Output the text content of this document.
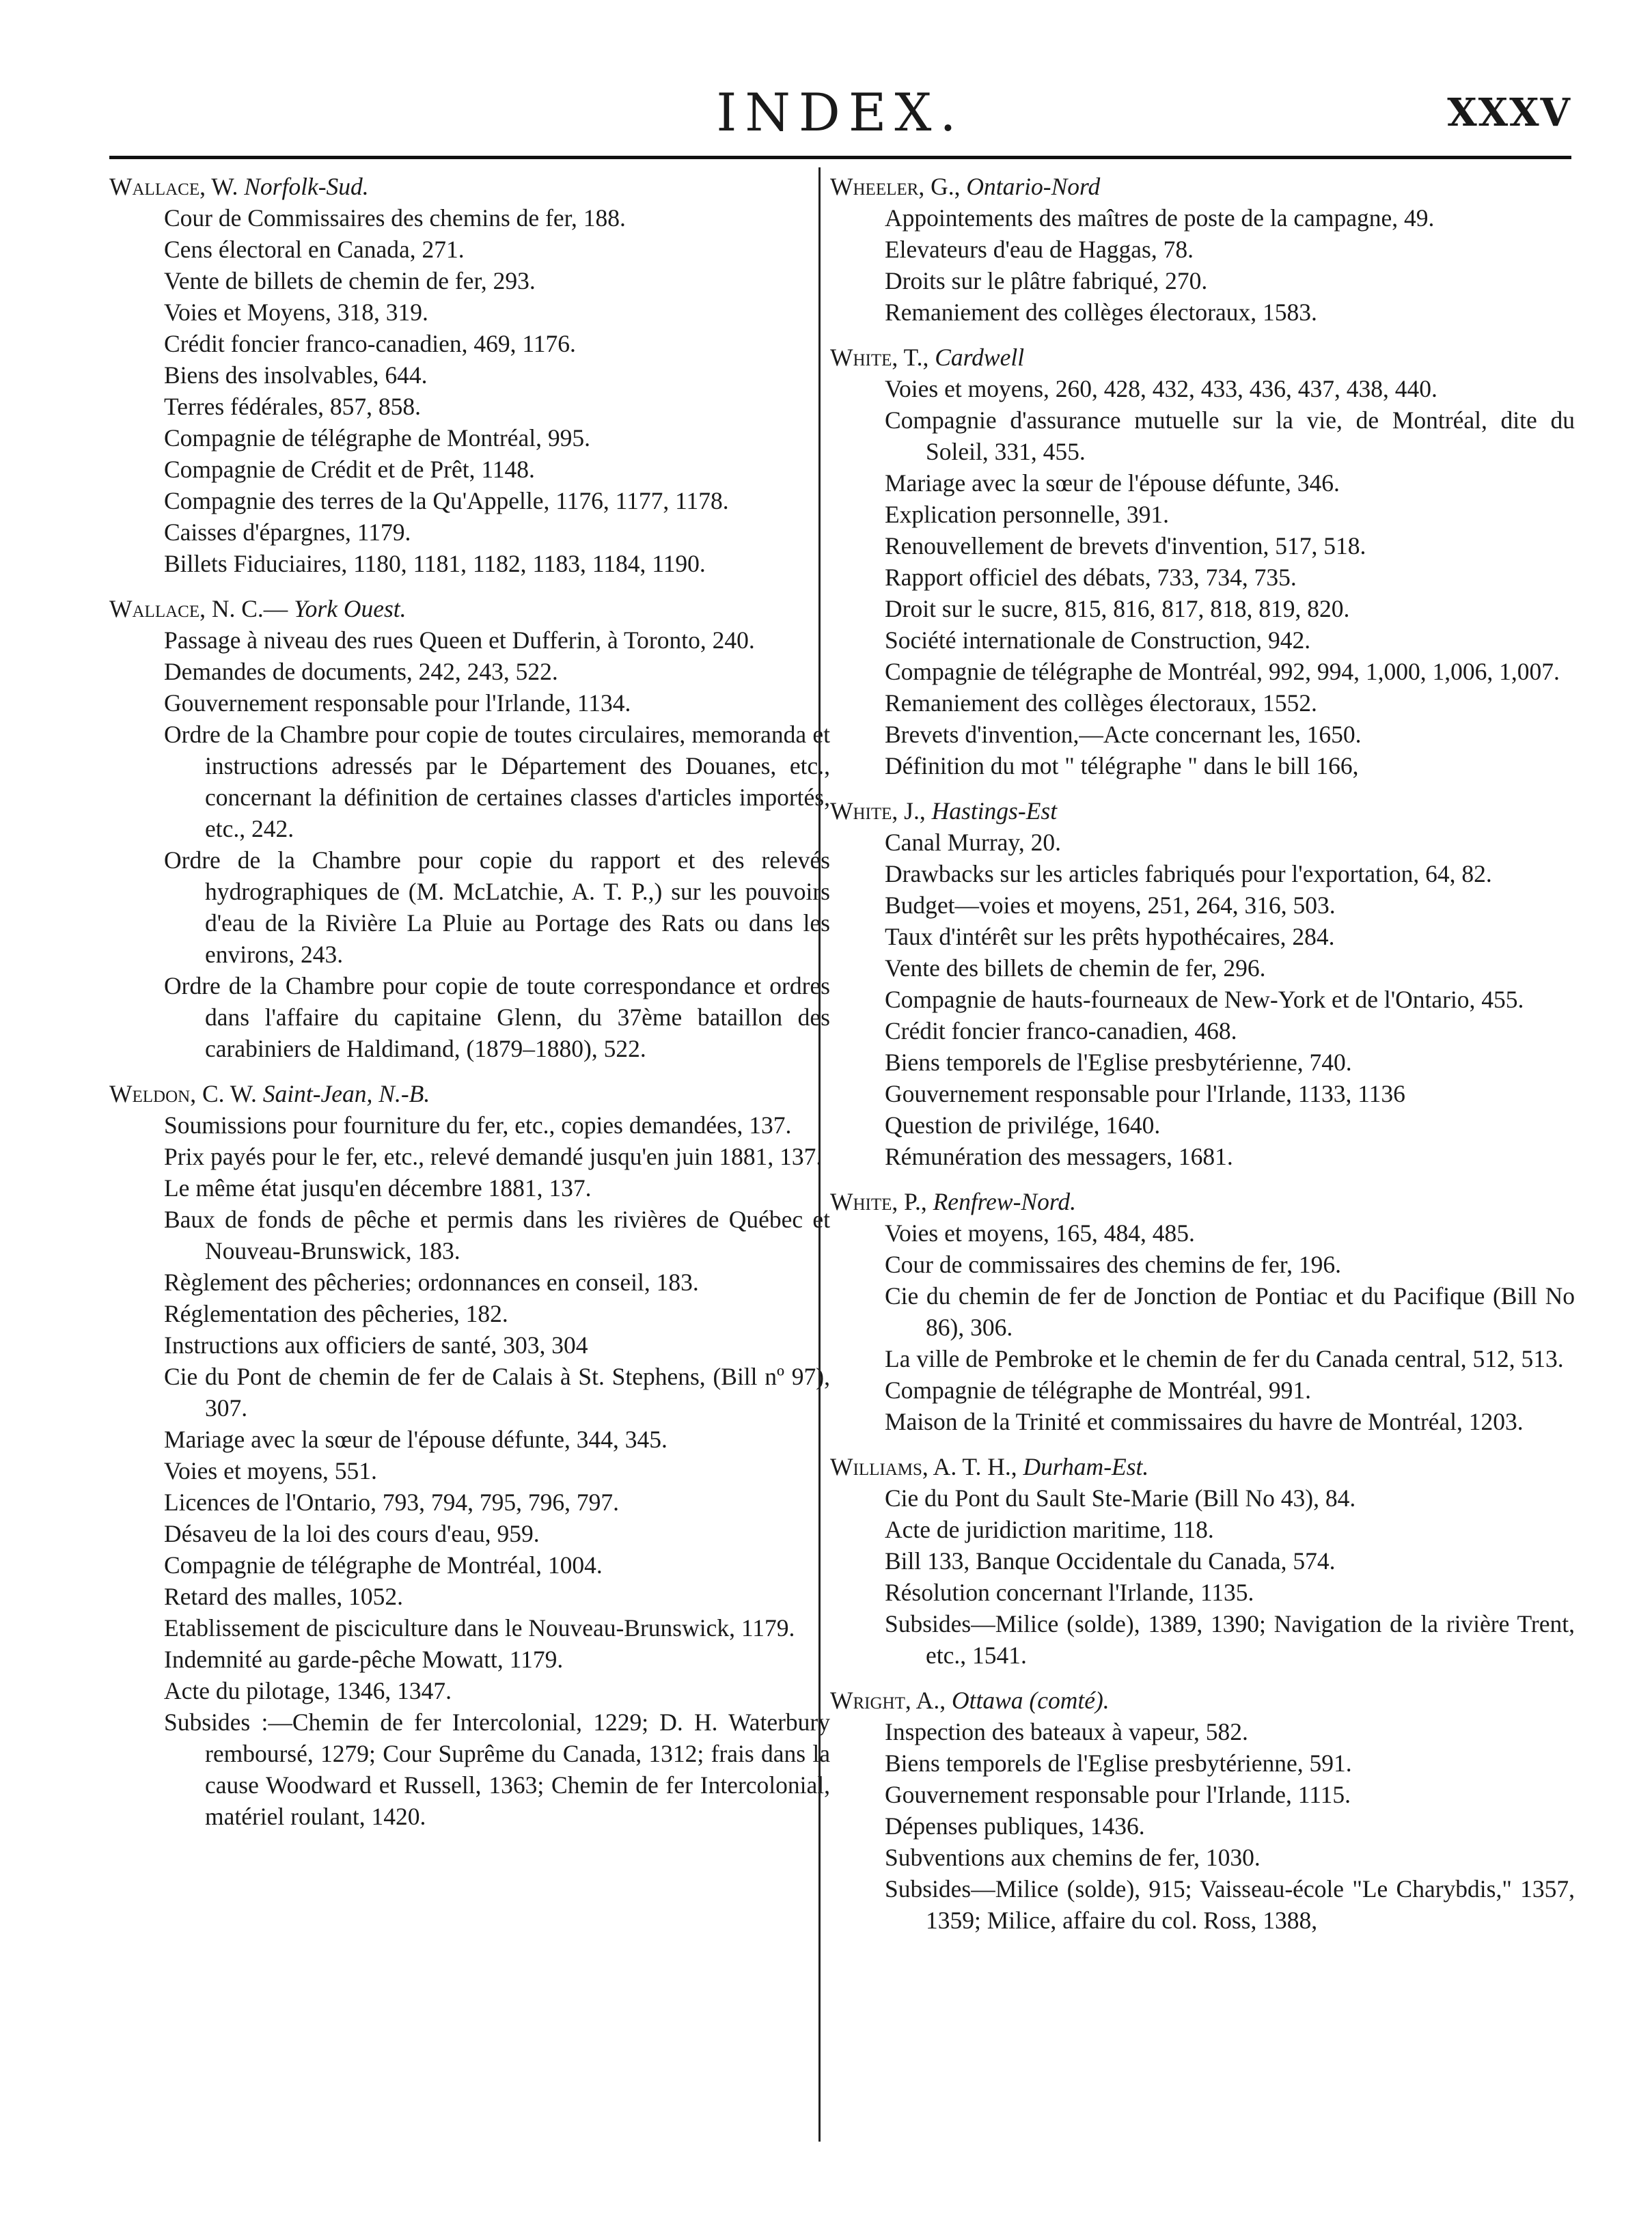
INDEX.	XXXV

Wallace, W. Norfolk-Sud.

Cour de Commissaires des chemins de fer, 188.

Cens électoral en Canada, 271.

Vente de billets de chemin de fer, 293.

Voies et Moyens, 318, 319.

Crédit foncier franco-canadien, 469, 1176.

Biens des insolvables, 644.

Terres fédérales, 857, 858.

Compagnie de télégraphe de Montréal, 995.

Compagnie de Crédit et de Prêt, 1148.

Compagnie des terres de la Qu'Appelle, 1176, 1177, 1178.

Caisses d'épargnes, 1179.

Billets Fiduciaires, 1180, 1181, 1182, 1183, 1184, 1190.

Wallace, N. C.— York Ouest.

Passage à niveau des rues Queen et Dufferin, à Toronto, 240.

Demandes de documents, 242, 243, 522.

Gouvernement responsable pour l'Irlande, 1134.

Ordre de la Chambre pour copie de toutes circulaires, memoranda et instructions adressés par le Département des Douanes, etc., concernant la définition de certaines classes d'articles importés, etc., 242.

Ordre de la Chambre pour copie du rapport et des relevés hydrographiques de (M. McLatchie, A. T. P.,) sur les pouvoirs d'eau de la Rivière La Pluie au Portage des Rats ou dans les environs, 243.

Ordre de la Chambre pour copie de toute correspondance et ordres dans l'affaire du capitaine Glenn, du 37ème bataillon des carabiniers de Haldimand, (1879–1880), 522.

Weldon, C. W. Saint-Jean, N.-B.

Soumissions pour fourniture du fer, etc., copies demandées, 137.

Prix payés pour le fer, etc., relevé demandé jusqu'en juin 1881, 137.

Le même état jusqu'en décembre 1881, 137.

Baux de fonds de pêche et permis dans les rivières de Québec et Nouveau-Brunswick, 183.

Règlement des pêcheries; ordonnances en conseil, 183.

Réglementation des pêcheries, 182.

Instructions aux officiers de santé, 303, 304

Cie du Pont de chemin de fer de Calais à St. Stephens, (Bill nº 97), 307.

Mariage avec la sœur de l'épouse défunte, 344, 345.

Voies et moyens, 551.

Licences de l'Ontario, 793, 794, 795, 796, 797.

Désaveu de la loi des cours d'eau, 959.

Compagnie de télégraphe de Montréal, 1004.

Retard des malles, 1052.

Etablissement de pisciculture dans le Nouveau-Brunswick, 1179.

Indemnité au garde-pêche Mowatt, 1179.

Acte du pilotage, 1346, 1347.

Subsides :—Chemin de fer Intercolonial, 1229; D. H. Waterbury remboursé, 1279; Cour Suprême du Canada, 1312; frais dans la cause Woodward et Russell, 1363; Chemin de fer Intercolonial, matériel roulant, 1420.

Wheeler, G., Ontario-Nord

Appointements des maîtres de poste de la campagne, 49.

Elevateurs d'eau de Haggas, 78.

Droits sur le plâtre fabriqué, 270.

Remaniement des collèges électoraux, 1583.

White, T., Cardwell

Voies et moyens, 260, 428, 432, 433, 436, 437, 438, 440.

Compagnie d'assurance mutuelle sur la vie, de Montréal, dite du Soleil, 331, 455.

Mariage avec la sœur de l'épouse défunte, 346.

Explication personnelle, 391.

Renouvellement de brevets d'invention, 517, 518.

Rapport officiel des débats, 733, 734, 735.

Droit sur le sucre, 815, 816, 817, 818, 819, 820.

Société internationale de Construction, 942.

Compagnie de télégraphe de Montréal, 992, 994, 1,000, 1,006, 1,007.

Remaniement des collèges électoraux, 1552.

Brevets d'invention,—Acte concernant les, 1650.

Définition du mot " télégraphe " dans le bill 166,

White, J., Hastings-Est

Canal Murray, 20.

Drawbacks sur les articles fabriqués pour l'exportation, 64, 82.

Budget—voies et moyens, 251, 264, 316, 503.

Taux d'intérêt sur les prêts hypothécaires, 284.

Vente des billets de chemin de fer, 296.

Compagnie de hauts-fourneaux de New-York et de l'Ontario, 455.

Crédit foncier franco-canadien, 468.

Biens temporels de l'Eglise presbytérienne, 740.

Gouvernement responsable pour l'Irlande, 1133, 1136

Question de privilége, 1640.

Rémunération des messagers, 1681.

White, P., Renfrew-Nord.

Voies et moyens, 165, 484, 485.

Cour de commissaires des chemins de fer, 196.

Cie du chemin de fer de Jonction de Pontiac et du Pacifique (Bill No 86), 306.

La ville de Pembroke et le chemin de fer du Canada central, 512, 513.

Compagnie de télégraphe de Montréal, 991.

Maison de la Trinité et commissaires du havre de Montréal, 1203.

Williams, A. T. H., Durham-Est.

Cie du Pont du Sault Ste-Marie (Bill No 43), 84.

Acte de juridiction maritime, 118.

Bill 133, Banque Occidentale du Canada, 574.

Résolution concernant l'Irlande, 1135.

Subsides—Milice (solde), 1389, 1390; Navigation de la rivière Trent, etc., 1541.

Wright, A., Ottawa (comté).

Inspection des bateaux à vapeur, 582.

Biens temporels de l'Eglise presbytérienne, 591.

Gouvernement responsable pour l'Irlande, 1115.

Dépenses publiques, 1436.

Subventions aux chemins de fer, 1030.

Subsides—Milice (solde), 915; Vaisseau-école "Le Charybdis," 1357, 1359; Milice, affaire du col. Ross, 1388,
